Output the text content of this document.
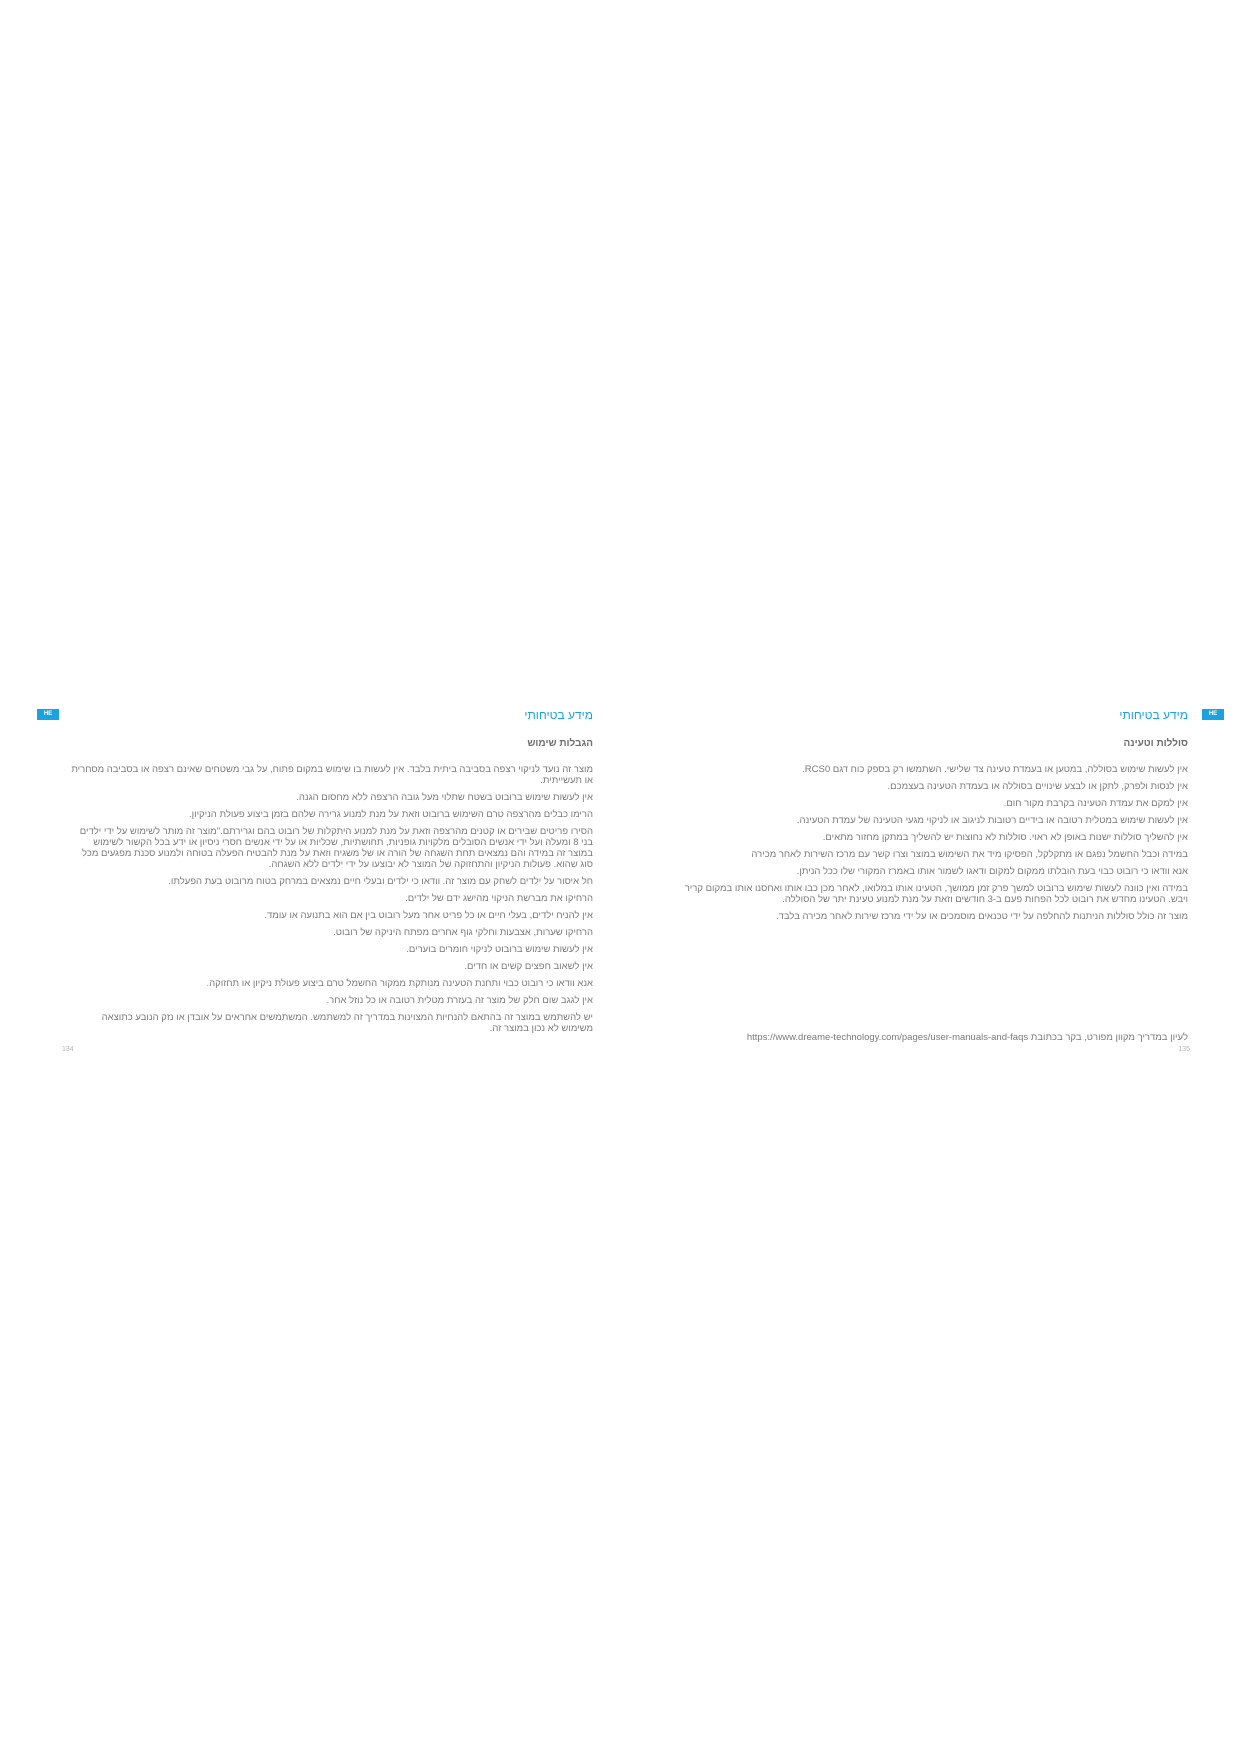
HE	מידע בטיחותי
הגבלות שימוש
מוצר זה נועד לניקוי רצפה בסביבה ביתית בלבד. אין לעשות בו שימוש במקום פתוח, על גבי משטחים שאינם רצפה או בסביבה מסחרית או תעשייתית.
אין לעשות שימוש ברובוט בשטח שתלוי מעל גובה הרצפה ללא מחסום הגנה.
הרימו כבלים מהרצפה טרם השימוש ברובוט וזאת על מנת למנוע גרירה שלהם בזמן ביצוע פעולת הניקיון.
הסירו פריטים שבירים או קטנים מהרצפה וזאת על מנת למנוע היתקלות של רובוט בהם וגרירתם."מוצר זה מותר לשימוש על ידי ילדים בני 8 ומעלה ועל ידי אנשים הסובלים מלקויות גופניות, תחושתיות, שכליות או על ידי אנשים חסרי ניסיון או ידע בכל הקשור לשימוש במוצר זה במידה והם נמצאים תחת השגחה של הורה או של משגיח וזאת על מנת להבטיח הפעלה בטוחה ולמנוע סכנת מפגעים מכל סוג שהוא. פעולות הניקיון והתחזוקה של המוצר לא יבוצעו על ידי ילדים ללא השגחה.
חל איסור על ילדים לשחק עם מוצר זה. וודאו כי ילדים ובעלי חיים נמצאים במרחק בטוח מרובוט בעת הפעלתו.
הרחיקו את מברשת הניקוי מהישג ידם של ילדים.
אין להניח ילדים, בעלי חיים או כל פריט אחר מעל רובוט בין אם הוא בתנועה או עומד.
הרחיקו שערות, אצבעות וחלקי גוף אחרים מפתח היניקה של רובוט.
אין לעשות שימוש ברובוט לניקוי חומרים בוערים.
אין לשאוב חפצים קשים או חדים.
אנא וודאו כי רובוט כבוי ותחנת הטעינה מנותקת ממקור החשמל טרם ביצוע פעולת ניקיון או תחזוקה.
אין לגגב שום חלק של מוצר זה בעזרת מטלית רטובה או כל נוזל אחר.
יש להשתמש במוצר זה בהתאם להנחיות המצוינות במדריך זה למשתמש. המשתמשים אחראים על אובדן או נזק הנובע כתוצאה משימוש לא נכון במוצר זה.
134
HE
מידע בטיחותי
סוללות וטעינה
אין לעשות שימוש בסוללה, במטען או בעמדת טעינה צד שלישי. השתמשו רק בספק כוח דגם RCS0.
אין לנסות ולפרק, לתקן או לבצע שינויים בסוללה או בעמדת הטעינה בעצמכם.
אין למקם את עמדת הטעינה בקרבת מקור חום.
אין לעשות שימוש במטלית רטובה או בידיים רטובות לניגוב או לניקוי מגעי הטעינה של עמדת הטעינה.
אין להשליך סוללות ישנות באופן לא ראוי. סוללות לא נחוצות יש להשליך במתקן מחזור מתאים.
במידה וכבל החשמל נפגם או מתקלקל, הפסיקו מיד את השימוש במוצר וצרו קשר עם מרכז השירות לאחר מכירה
אנא וודאו כי רובוט כבוי בעת הובלתו ממקום למקום ודאגו לשמור אותו באמרז המקורי שלו ככל הניתן.
במידה ואין כוונה לעשות שימוש ברובוט למשך פרק זמן ממושך, הטעינו אותו במלואו, לאחר מכן כבו אותו ואחסנו אותו במקום קריר ויבש. הטעינו מחדש את רובוט לכל הפחות פעם ב-3 חודשים וזאת על מנת למנוע טעינת יתר של הסוללה.
מוצר זה כולל סוללות הניתנות להחלפה על ידי טכנאים מוסמכים או על ידי מרכז שירות לאחר מכירה בלבד.
לעיון במדריך מקוון מפורט, בקר בכתובת https://www.dreame-technology.com/pages/user-manuals-and-faqs
135
